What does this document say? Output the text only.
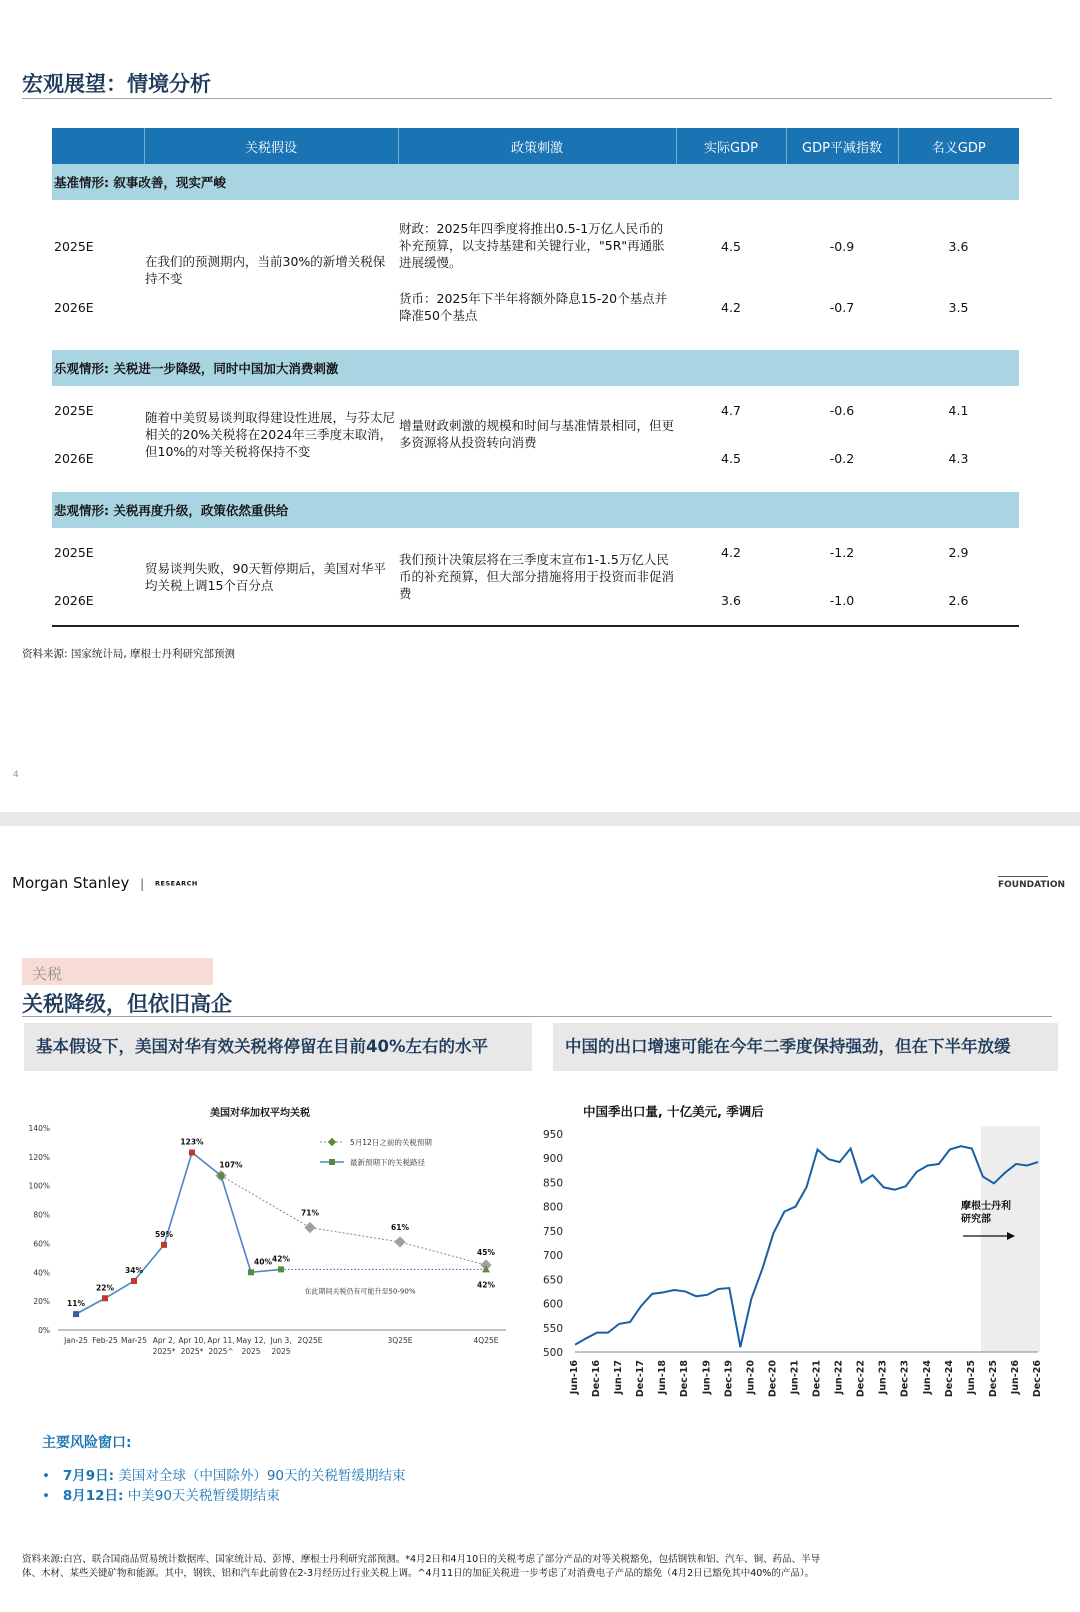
宏观展望：情境分析
	关税假设	政策刺激	实际GDP	GDP平减指数	名义GDP
基准情形: 叙事改善，现实严峻					
2025E	在我们的预测期内，当前30%的新增关税保持不变	财政：2025年四季度将推出0.5-1万亿人民币的补充预算，以支持基建和关键行业，"5R"再通胀进展缓慢。	4.5	-0.9	3.6
2026E		货币：2025年下半年将额外降息15-20个基点并降准50个基点	4.2	-0.7	3.5

乐观情形: 关税进一步降级，同时中国加大消费刺激					
2025E	随着中美贸易谈判取得建设性进展，与芬太尼相关的20%关税将在2024年三季度末取消，但10%的对等关税将保持不变	增量财政刺激的规模和时间与基准情景相同，但更多资源将从投资转向消费	4.7	-0.6	4.1
2026E			4.5	-0.2	4.3

悲观情形: 关税再度升级，政策依然重供给					
2025E	贸易谈判失败，90天暂停期后，美国对华平均关税上调15个百分点	我们预计决策层将在三季度末宣布1-1.5万亿人民币的补充预算，但大部分措施将用于投资而非促消费	4.2	-1.2	2.9
2026E			3.6	-1.0	2.6
资料来源: 国家统计局, 摩根士丹利研究部预测
4
Morgan Stanley | RESEARCH	FOUNDATION
关税
关税降级，但依旧高企
基本假设下，美国对华有效关税将停留在目前40%左右的水平	中国的出口增速可能在今年二季度保持强劲，但在下半年放缓
美国对华加权平均关税
0%
20%
40%
60%
80%
100%
120%
140%
Jan-25 Feb-25 Mar-25 Apr 2,
2025*
Apr 10,
2025*
Apr 11,
2025^
May 12,
2025
Jun 3,
2025
2Q25E	3Q25E	4Q25E
11%
22%
34%
59%
123%
107%
40% 42%
71%
61%
45%
42%
在此期间关税仍有可能升至50-90%
5月12日之前的关税预期
最新预期下的关税路径
中国季出口量, 十亿美元, 季调后
500
550
600
650
700
750
800
850
900
950
Jun-16 Dec-16 Jun-17 Dec-17 Jun-18 Dec-18 Jun-19 Dec-19 Jun-20 Dec-20 Jun-21 Dec-21 Jun-22 Dec-22 Jun-23 Dec-23 Jun-24 Dec-24 Jun-25 Dec-25 Jun-26 Dec-26
摩根士丹利
研究部
主要风险窗口:
•   7月9日: 美国对全球（中国除外）90天的关税暂缓期结束
•   8月12日: 中美90天关税暂缓期结束
资料来源:白宫、联合国商品贸易统计数据库、国家统计局、彭博、摩根士丹利研究部预测。*4月2日和4月10日的关税考虑了部分产品的对等关税豁免，包括钢铁和铝、汽车、铜、药品、半导
体、木材、某些关键矿物和能源。其中，钢铁、铝和汽车此前曾在2-3月经历过行业关税上调。^4月11日的加征关税进一步考虑了对消费电子产品的豁免（4月2日已豁免其中40%的产品）。
